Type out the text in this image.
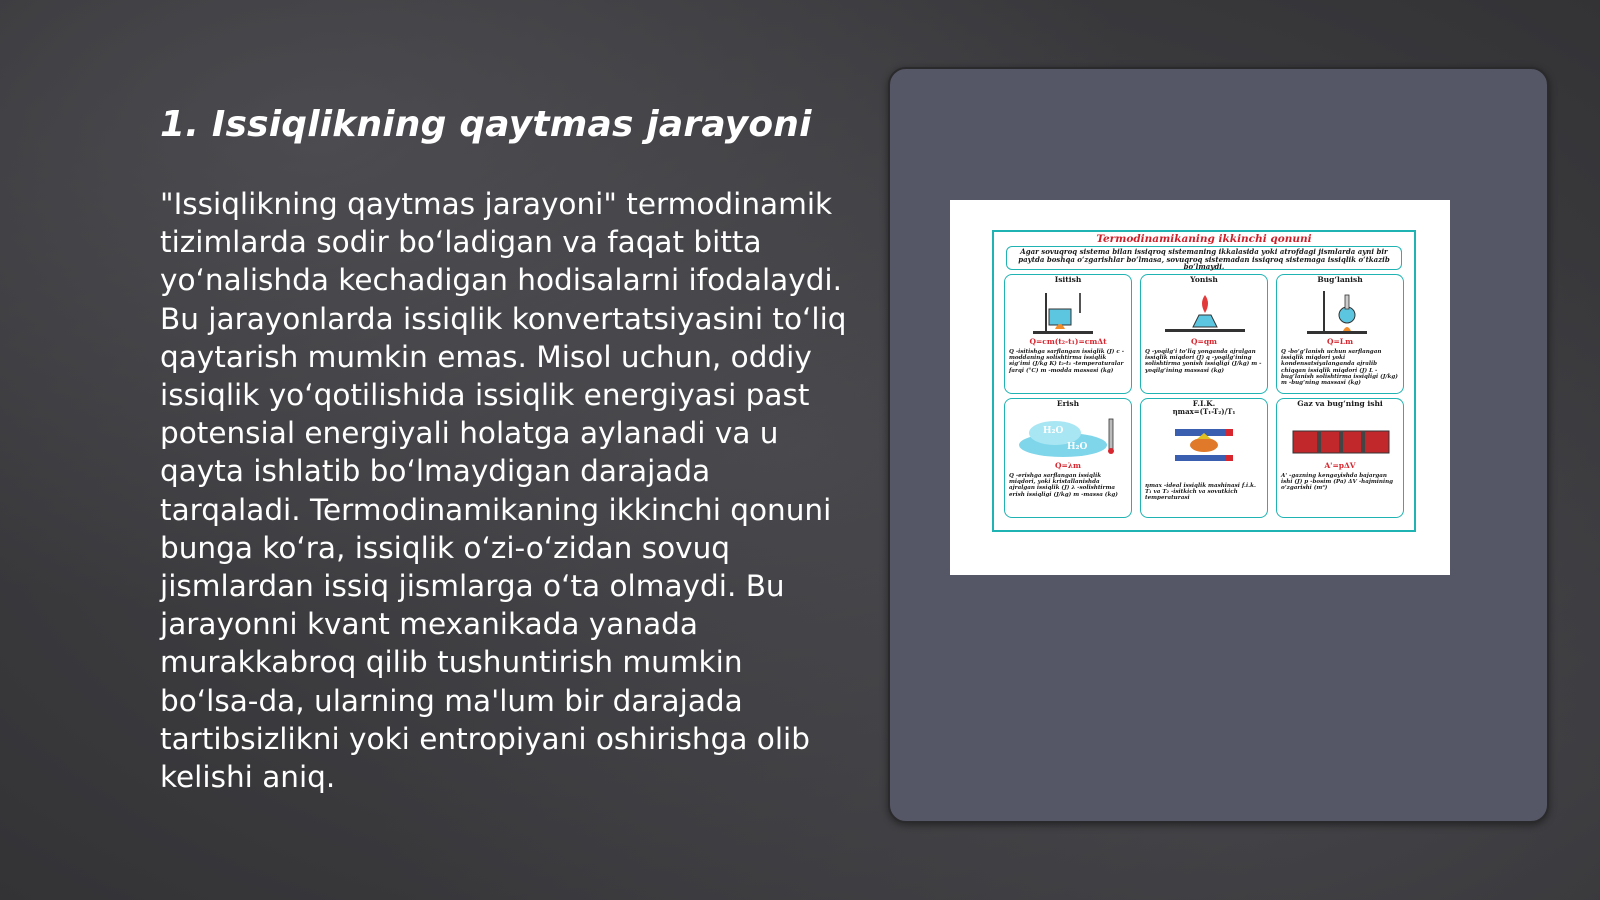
1. Issiqlikning qaytmas jarayoni

"Issiqlikning qaytmas jarayoni" termodinamik tizimlarda sodir bo‘ladigan va faqat bitta yo‘nalishda kechadigan hodisalarni ifodalaydi. Bu jarayonlarda issiqlik konvertatsiyasini to‘liq qaytarish mumkin emas. Misol uchun, oddiy issiqlik yo‘qotilishida issiqlik energiyasi past potensial energiyali holatga aylanadi va u qayta ishlatib bo‘lmaydigan darajada tarqaladi. Termodinamikaning ikkinchi qonuni bunga ko‘ra, issiqlik o‘zi-o‘zidan sovuq jismlardan issiq jismlarga o‘ta olmaydi. Bu jarayonni kvant mexanikada yanada murakkabroq qilib tushuntirish mumkin bo‘lsa-da, ularning ma'lum bir darajada tartibsizlikni yoki entropiyani oshirishga olib kelishi aniq.

Termodinamikaning ikkinchi qonuni
Agar sovuqroq sistema bilan issiqroq sistemaning ikkalasida yoki atrofdagi jismlarda ayni bir paytda boshqa o‘zgarishlar bo‘lmasa, sovuqroq sistemadan issiqroq sistemaga issiqlik o‘tkazib bo‘lmaydi.
Isitish
Q=cm(t₂-t₁)=cmΔt
Q -isitishga sarflangan issiqlik (J) c -moddaning solishtirma issiqlik sig‘imi (J/kg K) t₂-t₁ -temperaturalar farqi (°C) m -modda massasi (kg)
Yonish
Q=qm
Q -yoqilg‘i to‘liq yonganda ajralgan issiqlik miqdori (J) q -yoqilg‘ining solishtirma yonish issiqligi (J/kg) m -yoqilg‘ining massasi (kg)
Bug‘lanish
Q=Lm
Q -bo‘g‘lanish uchun sarflangan issiqlik miqdori yoki kondensatsiyalanganda ajralib chiqqan issiqlik miqdori (J) L -bug‘lanish solishtirma issiqligi (J/kg) m -bug‘ning massasi (kg)
Erish
H₂O
H₂O
Q=λm
Q -erishga sarflangan issiqlik miqdori, yoki kristallanishda ajralgan issiqlik (J) λ -solishtirma erish issiqligi (J/kg) m -massa (kg)
F.I.K.
ηmax=(T₁-T₂)/T₁
ηmax -ideal issiqlik mashinasi f.i.k. T₁ va T₂ -isitkich va sovutkich temperaturasi
Gaz va bug‘ning ishi
A'=pΔV
A' -gazning kengayishda bajargan ishi (J) p -bosim (Pa) ΔV -hajmining o‘zgarishi (m³)
